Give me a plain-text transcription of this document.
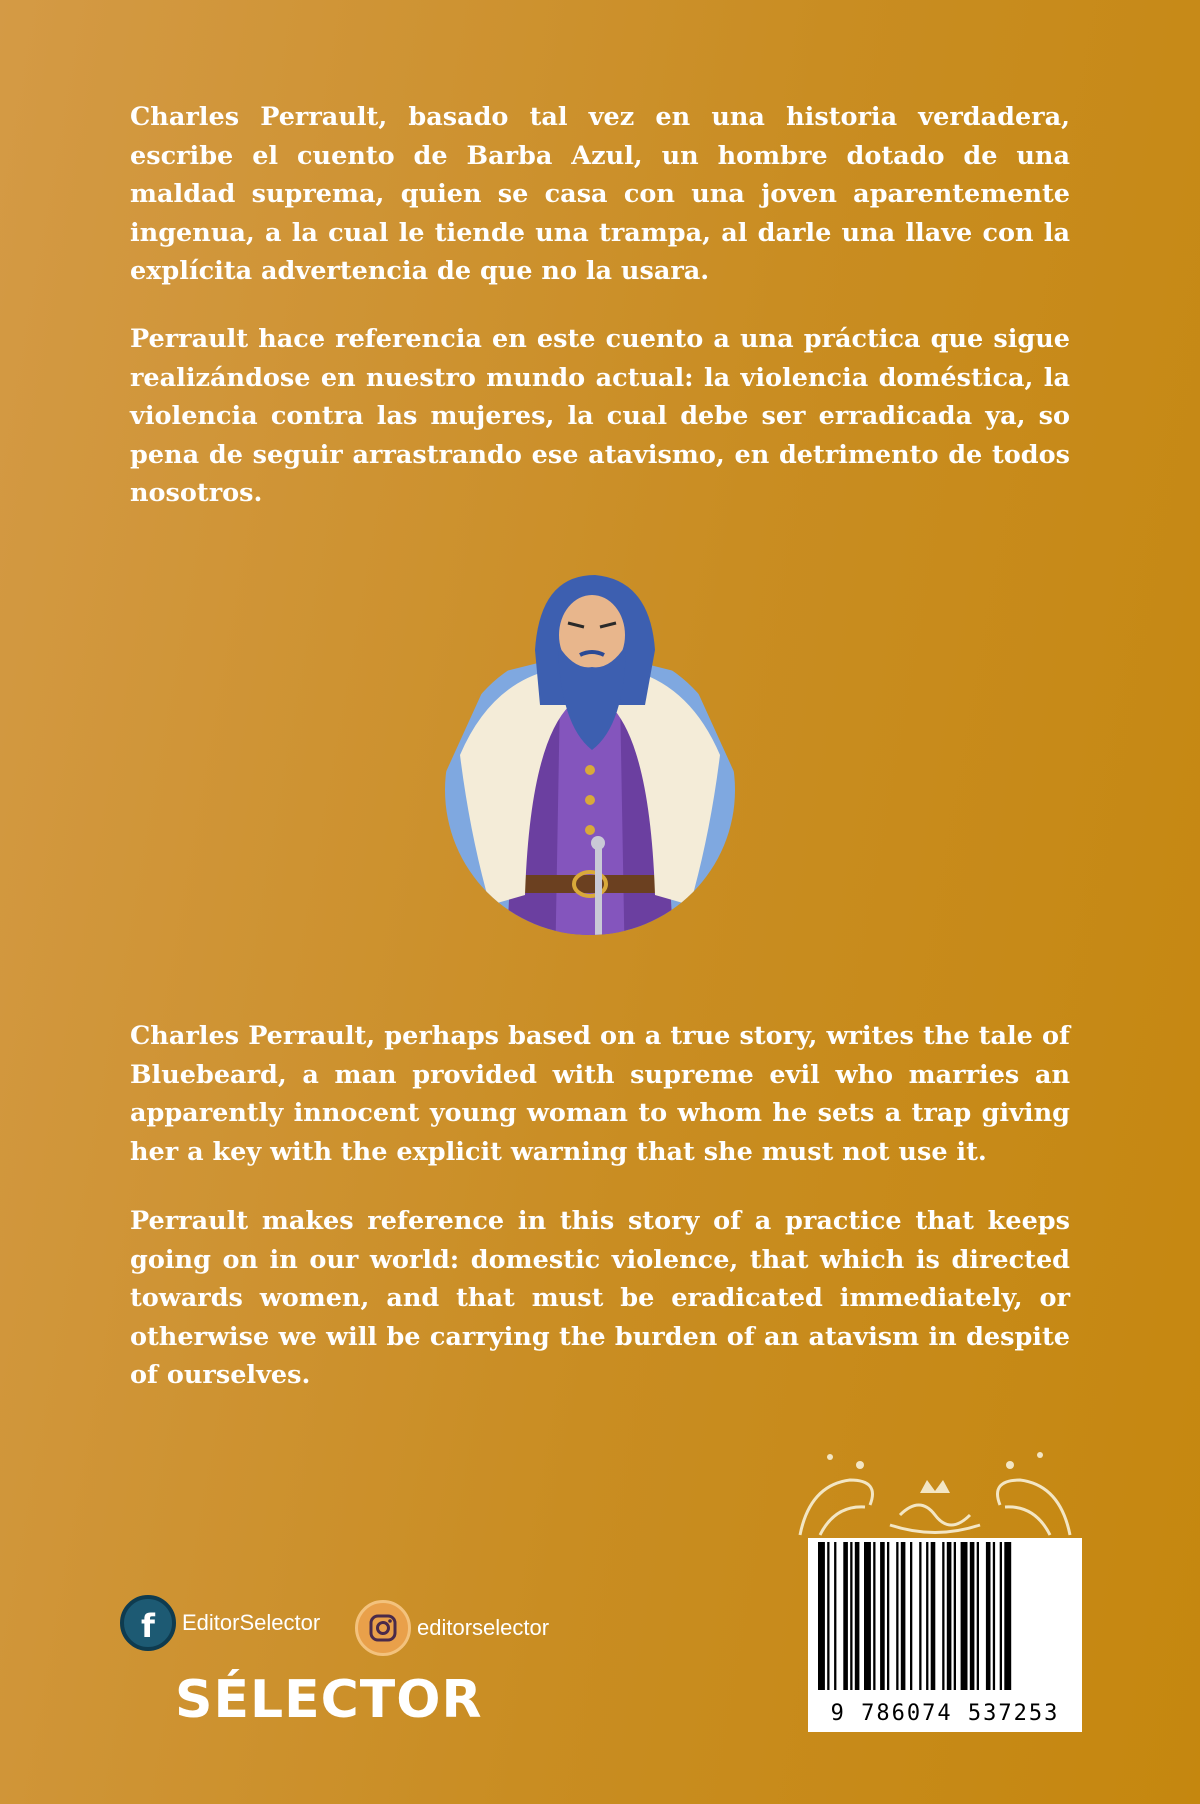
Charles Perrault, basado tal vez en una historia verdadera, escribe el cuento de Barba Azul, un hombre dotado de una maldad suprema, quien se casa con una joven aparentemente ingenua, a la cual le tiende una trampa, al darle una llave con la explícita advertencia de que no la usara.

Perrault hace referencia en este cuento a una práctica que sigue realizándose en nuestro mundo actual: la violencia doméstica, la violencia contra las mujeres, la cual debe ser erradicada ya, so pena de seguir arrastrando ese atavismo, en detrimento de todos nosotros.

Charles Perrault, perhaps based on a true story, writes the tale of Bluebeard, a man provided with supreme evil who marries an apparently innocent young woman to whom he sets a trap giving her a key with the explicit warning that she must not use it.

Perrault makes reference in this story of a practice that keeps going on in our world: domestic violence, that which is directed towards women, and that must be eradicated immediately, or otherwise we will be carrying the burden of an atavism in despite of ourselves.

f	EditorSelector	editorselector
SÉLECTOR	9 786074 537253
